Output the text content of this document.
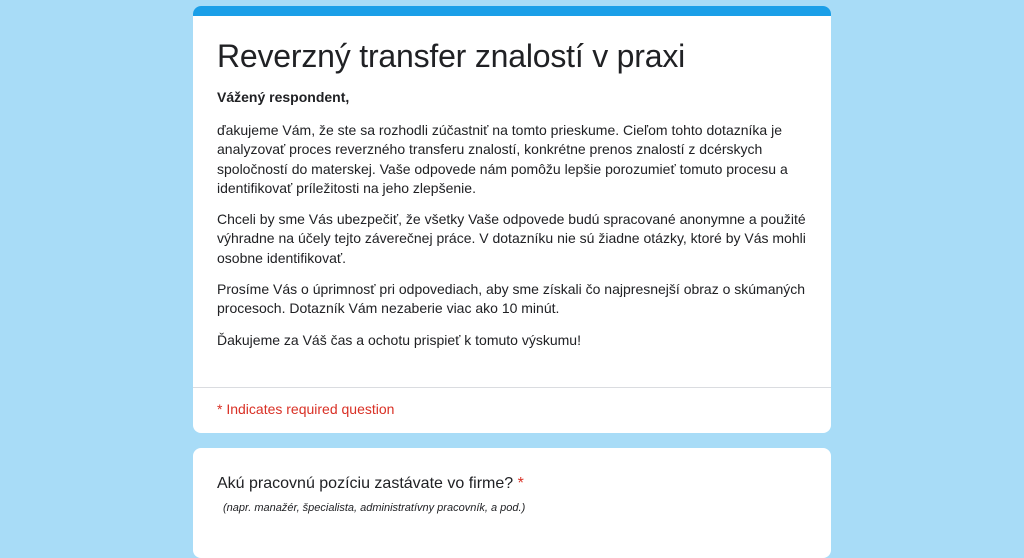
Reverzný transfer znalostí v praxi

Vážený respondent,

ďakujeme Vám, že ste sa rozhodli zúčastniť na tomto prieskume. Cieľom tohto dotazníka je analyzovať proces reverzného transferu znalostí, konkrétne prenos znalostí z dcérskych spoločností do materskej. Vaše odpovede nám pomôžu lepšie porozumieť tomuto procesu a identifikovať príležitosti na jeho zlepšenie.

Chceli by sme Vás ubezpečiť, že všetky Vaše odpovede budú spracované anonymne a použité výhradne na účely tejto záverečnej práce. V dotazníku nie sú žiadne otázky, ktoré by Vás mohli osobne identifikovať.

Prosíme Vás o úprimnosť pri odpovediach, aby sme získali čo najpresnejší obraz o skúmaných procesoch. Dotazník Vám nezaberie viac ako 10 minút.

Ďakujeme za Váš čas a ochotu prispieť k tomuto výskumu!

* Indicates required question
Akú pracovnú pozíciu zastávate vo firme? *
(napr. manažér, špecialista, administratívny pracovník, a pod.)
